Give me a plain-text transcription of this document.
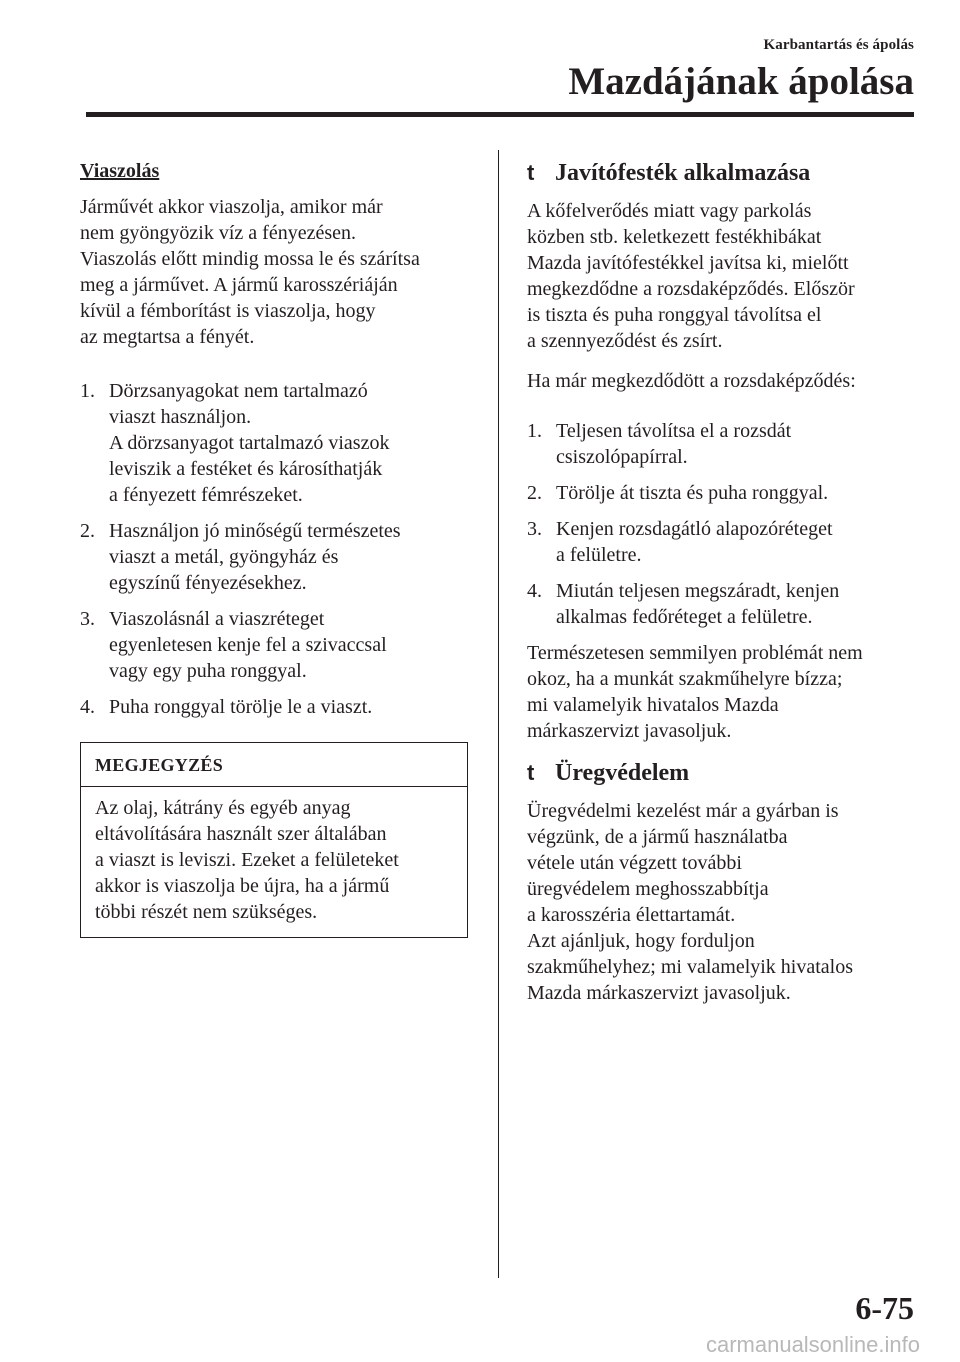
Karbantartás és ápolás
Mazdájának ápolása
Viaszolás

Járművét akkor viaszolja, amikor már
nem gyöngyözik víz a fényezésen.
Viaszolás előtt mindig mossa le és szárítsa
meg a járművet. A jármű karosszériáján
kívül a fémborítást is viaszolja, hogy
az megtartsa a fényét.

1. Dörzsanyagokat nem tartalmazó
viaszt használjon.
A dörzsanyagot tartalmazó viaszok
leviszik a festéket és károsíthatják
a fényezett fémrészeket.
2. Használjon jó minőségű természetes
viaszt a metál, gyöngyház és
egyszínű fényezésekhez.
3. Viaszolásnál a viaszréteget
egyenletesen kenje fel a szivaccsal
vagy egy puha ronggyal.
4. Puha ronggyal törölje le a viaszt.
MEGJEGYZÉS
Az olaj, kátrány és egyéb anyag
eltávolítására használt szer általában
a viaszt is leviszi. Ezeket a felületeket
akkor is viaszolja be újra, ha a jármű
többi részét nem szükséges.
t Javítófesték alkalmazása

A kőfelverődés miatt vagy parkolás
közben stb. keletkezett festékhibákat
Mazda javítófestékkel javítsa ki, mielőtt
megkezdődne a rozsdaképződés. Először
is tiszta és puha ronggyal távolítsa el
a szennyeződést és zsírt.

Ha már megkezdődött a rozsdaképződés:

1. Teljesen távolítsa el a rozsdát
csiszolópapírral.
2. Törölje át tiszta és puha ronggyal.
3. Kenjen rozsdagátló alapozóréteget
a felületre.
4. Miután teljesen megszáradt, kenjen
alkalmas fedőréteget a felületre.

Természetesen semmilyen problémát nem
okoz, ha a munkát szakműhelyre bízza;
mi valamelyik hivatalos Mazda
márkaszervizt javasoljuk.

t Üregvédelem

Üregvédelmi kezelést már a gyárban is
végzünk, de a jármű használatba
vétele után végzett további
üregvédelem meghosszabbítja
a karosszéria élettartamát.
Azt ajánljuk, hogy forduljon
szakműhelyhez; mi valamelyik hivatalos
Mazda márkaszervizt javasoljuk.

6-75
carmanualsonline.info
